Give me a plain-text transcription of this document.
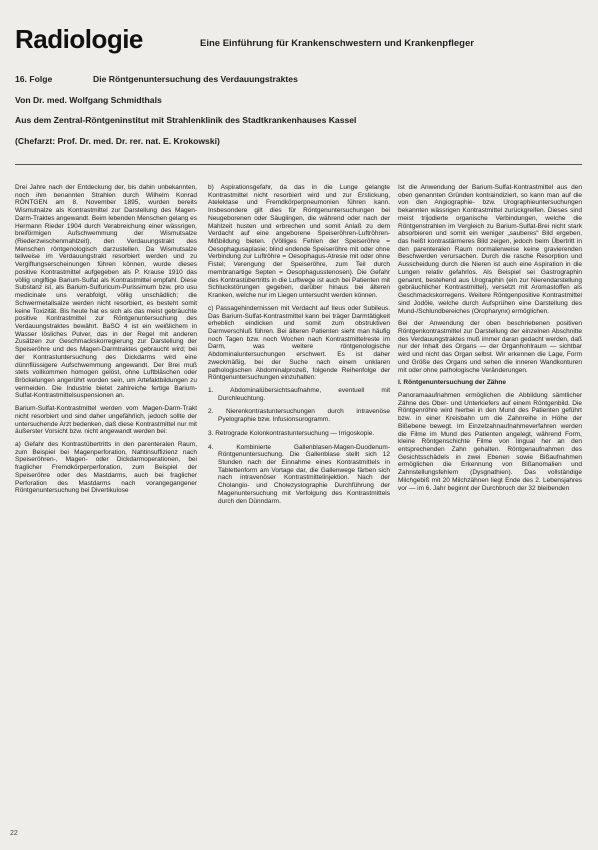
Radiologie	Eine Einführung für Krankenschwestern und Krankenpfleger
16. Folge	Die Röntgenuntersuchung des Verdauungstraktes
Von Dr. med. Wolfgang Schmidthals
Aus dem Zentral-Röntgeninstitut mit Strahlenklinik des Stadtkrankenhauses Kassel
(Chefarzt: Prof. Dr. med. Dr. rer. nat. E. Krokowski)

Drei Jahre nach der Entdeckung der, bis dahin unbekannten, noch ihm benannten Strahlen durch Wilhelm Konrad RÖNTGEN am 8. November 1895, wurden bereits Wismutnalze als Kontrastmittel zur Darstellung des Magen-Darm-Traktes angewandt. Beim lebenden Menschen gelang es Hermann Rieder 1904 durch Verabreichung einer wässrigen, breiförmigen Aufschwemmung der Wismutsalze (Riederzwischenmahlzeit), den Verdauungstrakt des Menschen röntgenologisch darzustellen. Da Wismutsalze teilweise im Verdauungstrakt resorbiert werden und zu Vergiftungserscheinungen führen können, wurde dieses positive Kontrastmittel aufgegeben als P. Krause 1910 das völlig ungiftige Barium-Sulfat als Kontrastmittel empfahl. Diese Substanz ist, als Barium-Sulfuricum-Purissimum bzw. pro usu medicinale uns verabfolgt, völlig unschädlich; die Schwermetallsalze werden nicht resorbiert, es besteht somit keine Toxizität. Bis heute hat es sich als das meist gebräuchte positive Kontrastmittel zur Röntgenuntersuchung des Verdauungstraktes bewährt. BaSO 4 ist ein weißlichem in Wasser lösliches Pulver, das in der Regel mit anderen Zusätzen zur Geschmackskorregierung zur Darstellung der Speiseröhre und des Magen-Darmtraktes gebraucht wird; bei der Kontrastuntersuchung des Dickdarms wird eine dünnflüssigere Aufschwemmung angewandt. Der Brei muß stets vollkommen homogen gelöst, ohne Luftbläschen oder Bröckelungen angerührt worden sein, um Artefaktbildungen zu vermeiden. Die Industrie bietet zahlreiche fertige Barium-Sulfat-Kontrastmittelsuspensionen an.

Barium-Sulfat-Kontrastmittel werden vom Magen-Darm-Trakt nicht resorbiert und sind daher ungefährlich, jedoch sollte der untersuchende Arzt bedenken, daß diese Kontrastmittel nur mit äußerster Vorsicht bzw. nicht angewandt werden bei:

a) Gefahr des Kontrastübertritts in den parenteralen Raum, zum Beispiel bei Magenperforation, Nahtinsuffizienz nach Speiseröhren-, Magen- oder Dickdarmoperationen, bei fraglicher Fremdkörperperforation, zum Beispiel der Speiseröhre oder des Mastdarms, auch bei fraglicher Perforation des Mastdarms nach vorangegangener Röntgenuntersuchung bei Divertikulose

b) Aspirationsgefahr, da das in die Lunge gelangte Kontrastmittel nicht resorbiert wird und zur Erstickung, Atelektase und Fremdkörperpneumonien führen kann. Insbesondere gilt dies für Röntgenuntersuchungen bei Neugeborenen oder Säuglingen, die während oder nach der Mahlzeit husten und erbrechen und somit Anlaß zu dem Verdacht auf eine angeborene Speiseröhren-Luftröhren-Mißbildung bieten. (Völliges Fehlen der Speiseröhre = Oesophagusaplasie; blind endende Speiseröhre mit oder ohne Verbindung zur Luftröhre = Oesophagus-Atresie mit oder ohne Fistel; Verengung der Speiseröhre, zum Teil durch membranartige Septen = Oesophagusstenosen). Die Gefahr des Kontrastübertritts in die Luftwege ist auch bei Patienten mit Schluckstörungen gegeben, darüber hinaus bei älteren Kranken, welche nur im Liegen untersucht werden können.

c) Passagehindernissen mit Verdacht auf Ileus oder Subileus. Das Barium-Sulfat-Kontrastmittel kann bei träger Darmtätigkeit erheblich eindicken und somit zum obstruktiven Darmverschluß führen. Bei älteren Patienten sieht man häufig noch Tagen bzw. noch Wochen nach Kontrastmittelreste im Darm, was weitere röntgenologische Abdominaluntersuchungen erschwert. Es ist daher zweckmäßig, bei der Suche nach einem unklaren pathologischen Abdominalprozeß, folgende Reihenfolge der Röntgenuntersuchungen einzuhalten:

1. Abdominalübersichtsaufnahme, eventuell mit Durchleuchtung.

2. Nierenkontrastuntersuchungen durch intravenöse Pyelographie bzw. Infusionsurogramm.

3. Retrograde Kolonkontrastuntersuchung — Irrigoskopie.

4. Kombinierte Gallenblasen-Magen-Duodenum-Röntgenuntersuchung. Die Gallenblase stellt sich 12 Stunden nach der Einnahme eines Kontrastmittels in Tablettenform am Vortage dar, die Gallenwege färben sich nach intravenöser Kontrastmittelinjektion. Nach der Cholangio- und Cholezystographie Durchführung der Magenuntersuchung mit Verfolgung des Kontrastmittels durch den Dünndarm.

Ist die Anwendung der Barium-Sulfat-Kontrastmittel aus den oben genannten Gründen kontraindiziert, so kann man auf die von den Angiographie- bzw. Urographieuntersuchungen bekannten wässrigen Kontrastmittel zurückgreifen. Dieses sind meist trijodierte organische Verbindungen, welche die Röntgenstrahlen im Vergleich zu Barium-Sulfat-Brei nicht stark absorbieren und somit ein weniger „sauberes“ Bild ergeben, das heißt kontrastärmeres Bild zeigen, jedoch beim Übertritt in den parenteralen Raum normalerweise keine gravierenden Beschwerden verursachen. Durch die rasche Resorption und Ausscheidung durch die Nieren ist auch eine Aspiration in die Lungen relativ gefahrlos. Als Beispiel sei Gastrographin genannt, bestehend aus Urographin (ein zur Nierendarstellung gebräuchlicher Kontrastmittel), versetzt mit Aromastoffen als Geschmackskorregens. Weitere Röntgenpositive Kontrastmittel sind Jodöle, welche durch Aufsprühen eine Darstellung des Mund-/Schlundbereiches (Oropharynx) ermöglichen.

Bei der Anwendung der oben beschriebenen positiven Röntgenkontrastmittel zur Darstellung der einzelnen Abschnitte des Verdauungstraktes muß immer daran gedacht werden, daß nur der Inhalt des Organs — der Organhohlraum — sichtbar wird und nicht das Organ selbst. Wir erkennen die Lage, Form und Größe des Organs und sehen die inneren Wandkonturen mit oder ohne pathologische Veränderungen.

I. Röntgenuntersuchung der Zähne

Panoramaaufnahmen ermöglichen die Abbildung sämtlicher Zähne des Ober- und Unterkiefers auf einem Röntgenbild. Die Röntgenröhre wird hierbei in den Mund des Patienten geführt bzw. in einer Kreisbahn um die Zahnreihe in Höhe der Bißebene bewegt. Im Einzelzahnaufnahmeverfahren werden die Filme im Mund des Patienten angelegt, während Form, kleine Röntgenschichte Filme von lingual her an den entsprechenden Zahn gehalten. Röntgenaufnahmen des Gesichtsschädels in zwei Ebenen sowie Bißaufnahmen ermöglichen die Erkennung von Bißanomalien und Zahnstellungsfehlern (Dysgnathien). Das vollständige Milchgebiß mit 20 Milchzähnen liegt Ende des 2. Lebensjahres vor — im 6. Jahr beginnt der Durchbruch der 32 bleibenden

22
